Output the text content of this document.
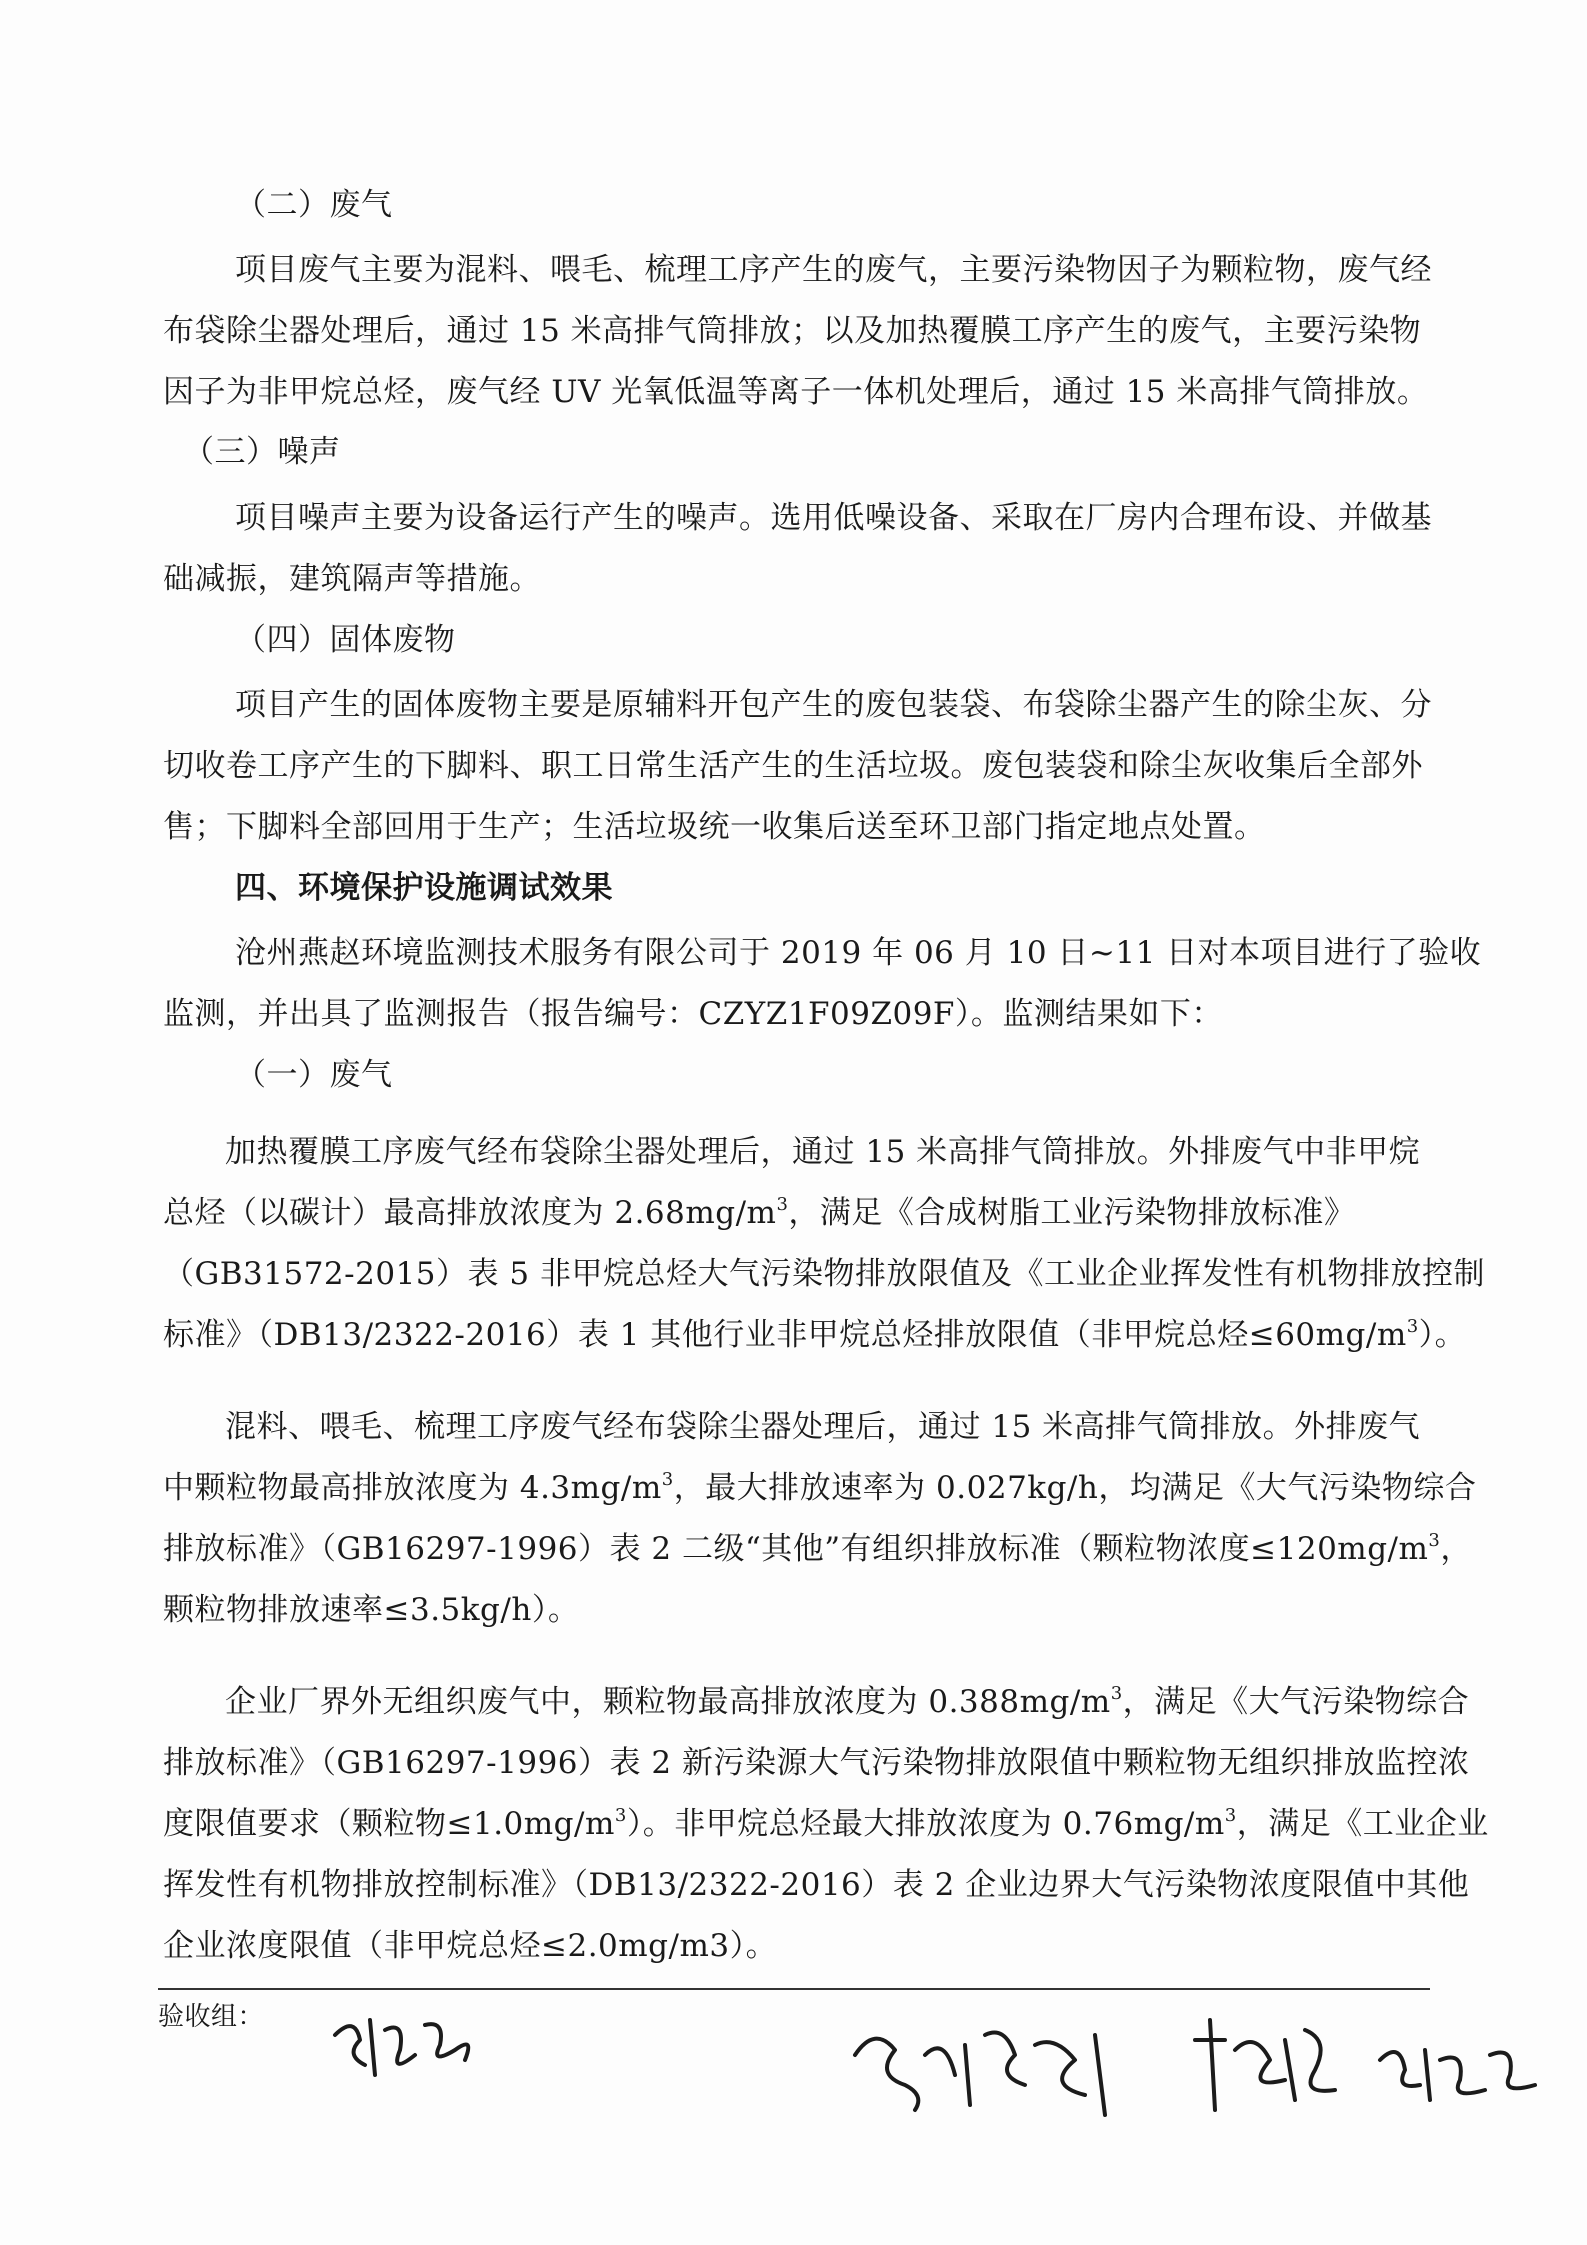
（二）废气
项目废气主要为混料、喂毛、梳理工序产生的废气，主要污染物因子为颗粒物，废气经
布袋除尘器处理后，通过 15 米高排气筒排放；以及加热覆膜工序产生的废气，主要污染物
因子为非甲烷总烃，废气经 UV 光氧低温等离子一体机处理后，通过 15 米高排气筒排放。
（三）噪声
项目噪声主要为设备运行产生的噪声。选用低噪设备、采取在厂房内合理布设、并做基
础减振，建筑隔声等措施。
（四）固体废物
项目产生的固体废物主要是原辅料开包产生的废包装袋、布袋除尘器产生的除尘灰、分
切收卷工序产生的下脚料、职工日常生活产生的生活垃圾。废包装袋和除尘灰收集后全部外
售；下脚料全部回用于生产；生活垃圾统一收集后送至环卫部门指定地点处置。
四、环境保护设施调试效果
沧州燕赵环境监测技术服务有限公司于 2019 年 06 月 10 日~11 日对本项目进行了验收
监测，并出具了监测报告（报告编号：CZYZ1F09Z09F）。监测结果如下：
（一）废气
加热覆膜工序废气经布袋除尘器处理后，通过 15 米高排气筒排放。外排废气中非甲烷
总烃（以碳计）最高排放浓度为 $2.68mg/m^3$，满足《合成树脂工业污染物排放标准》
（GB31572-2015）表 5 非甲烷总烃大气污染物排放限值及《工业企业挥发性有机物排放控制
标准》（DB13/2322-2016）表 1 其他行业非甲烷总烃排放限值（非甲烷总烃$\le 60mg/m^3$）。
混料、喂毛、梳理工序废气经布袋除尘器处理后，通过 15 米高排气筒排放。外排废气
中颗粒物最高排放浓度为 $4.3mg/m^3$，最大排放速率为 0.027kg/h，均满足《大气污染物综合
排放标准》（GB16297-1996）表 2 二级“其他”有组织排放标准（颗粒物浓度$\le 120mg/m^3$，
颗粒物排放速率≤3.5kg/h）。
企业厂界外无组织废气中，颗粒物最高排放浓度为 $0.388mg/m^3$，满足《大气污染物综合
排放标准》（GB16297-1996）表 2 新污染源大气污染物排放限值中颗粒物无组织排放监控浓
度限值要求（颗粒物$\le 1.0mg/m^3$）。非甲烷总烃最大排放浓度为 $0.76mg/m^3$，满足《工业企业
挥发性有机物排放控制标准》（DB13/2322-2016）表 2 企业边界大气污染物浓度限值中其他
企业浓度限值（非甲烷总烃≤2.0mg/m3）。
验收组：
